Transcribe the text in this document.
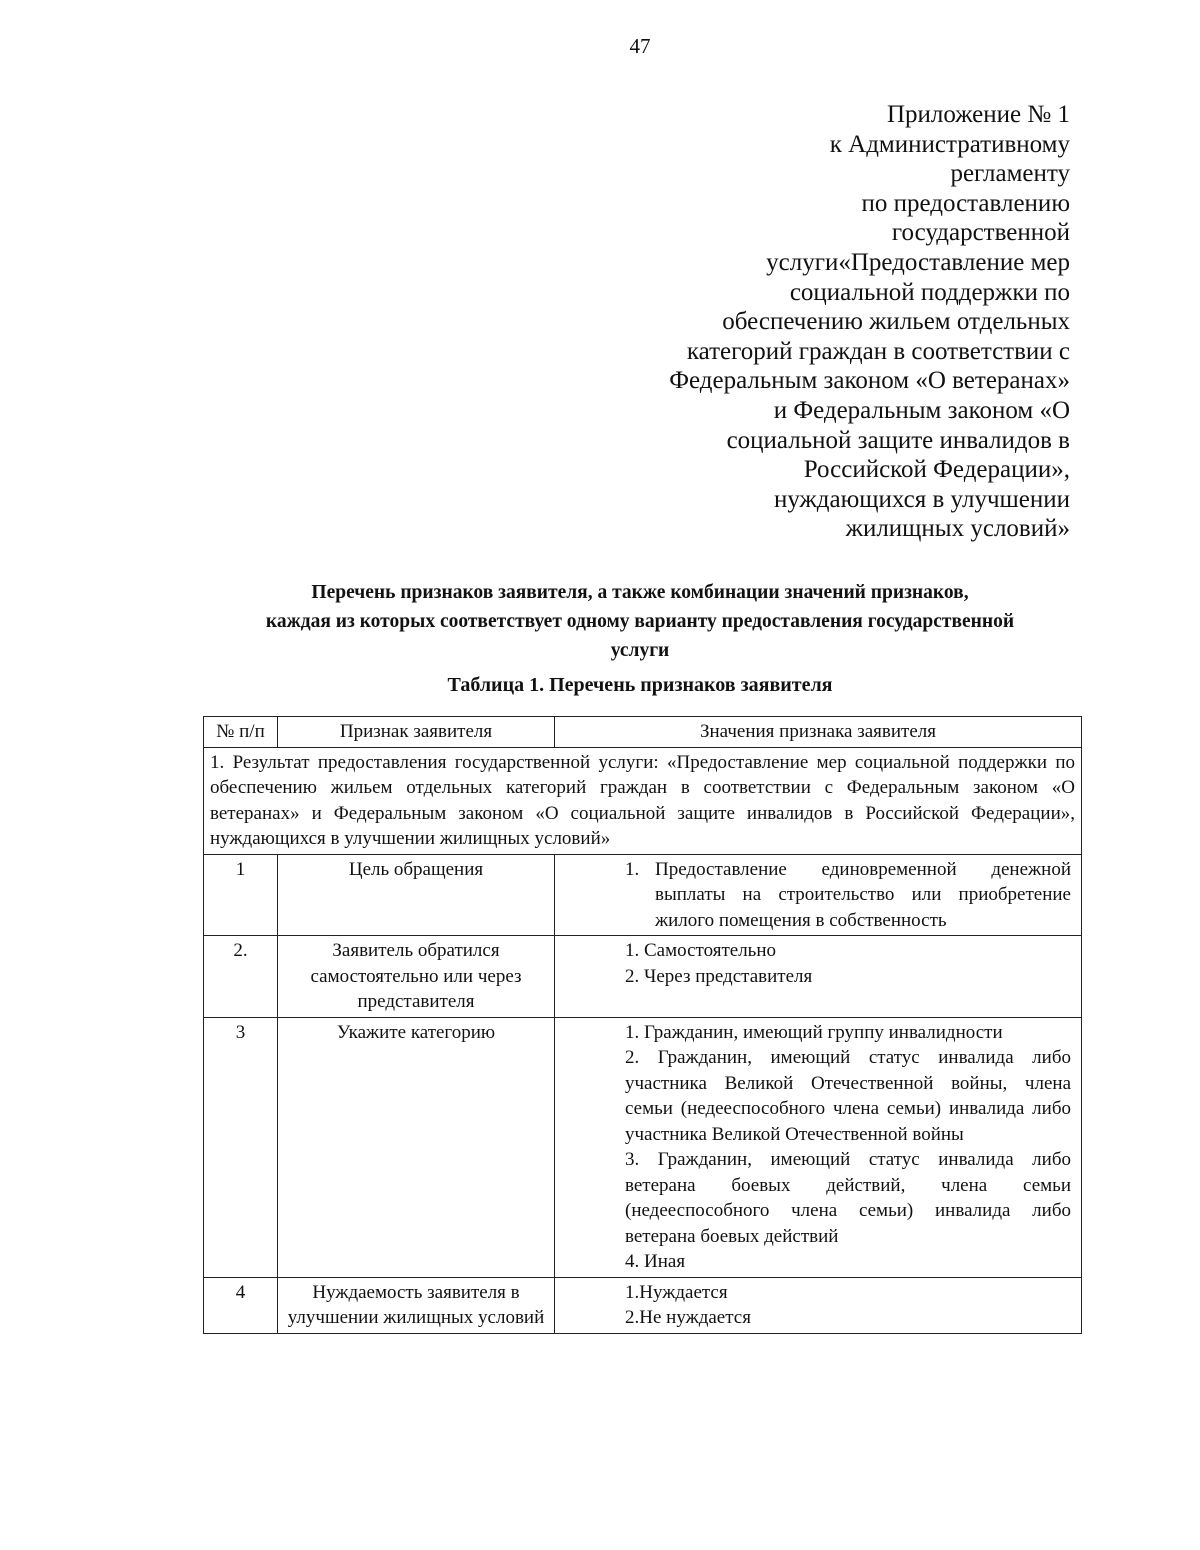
47
Приложение № 1
к Административному
регламенту
по предоставлению
государственной
услуги«Предоставление мер
социальной поддержки по
обеспечению жильем отдельных
категорий граждан в соответствии с
Федеральным законом «О ветеранах»
и Федеральным законом «О
социальной защите инвалидов в
Российской Федерации»,
нуждающихся в улучшении
жилищных условий»
Перечень признаков заявителя, а также комбинации значений признаков,
каждая из которых соответствует одному варианту предоставления государственной
услуги
Таблица 1. Перечень признаков заявителя
№ п/п	Признак заявителя	Значения признака заявителя
1. Результат предоставления государственной услуги: «Предоставление мер социальной поддержки по обеспечению жильем отдельных категорий граждан в соответствии с Федеральным законом «О ветеранах» и Федеральным законом «О социальной защите инвалидов в Российской Федерации», нуждающихся в улучшении жилищных условий»		
1	Цель обращения	1. Предоставление единовременной денежной выплаты на строительство или приобретение жилого помещения в собственность

2.	Заявитель обратился самостоятельно или через представителя	1. Самостоятельно
2. Через представителя

3	Укажите категорию	1. Гражданин, имеющий группу инвалидности
2. Гражданин, имеющий статус инвалида либо участника Великой Отечественной войны, члена семьи (недееспособного члена семьи) инвалида либо участника Великой Отечественной войны
3. Гражданин, имеющий статус инвалида либо ветерана боевых действий, члена семьи (недееспособного члена семьи) инвалида либо ветерана боевых действий
4. Иная

4	Нуждаемость заявителя в улучшении жилищных условий	1.Нуждается
2.Не нуждается
